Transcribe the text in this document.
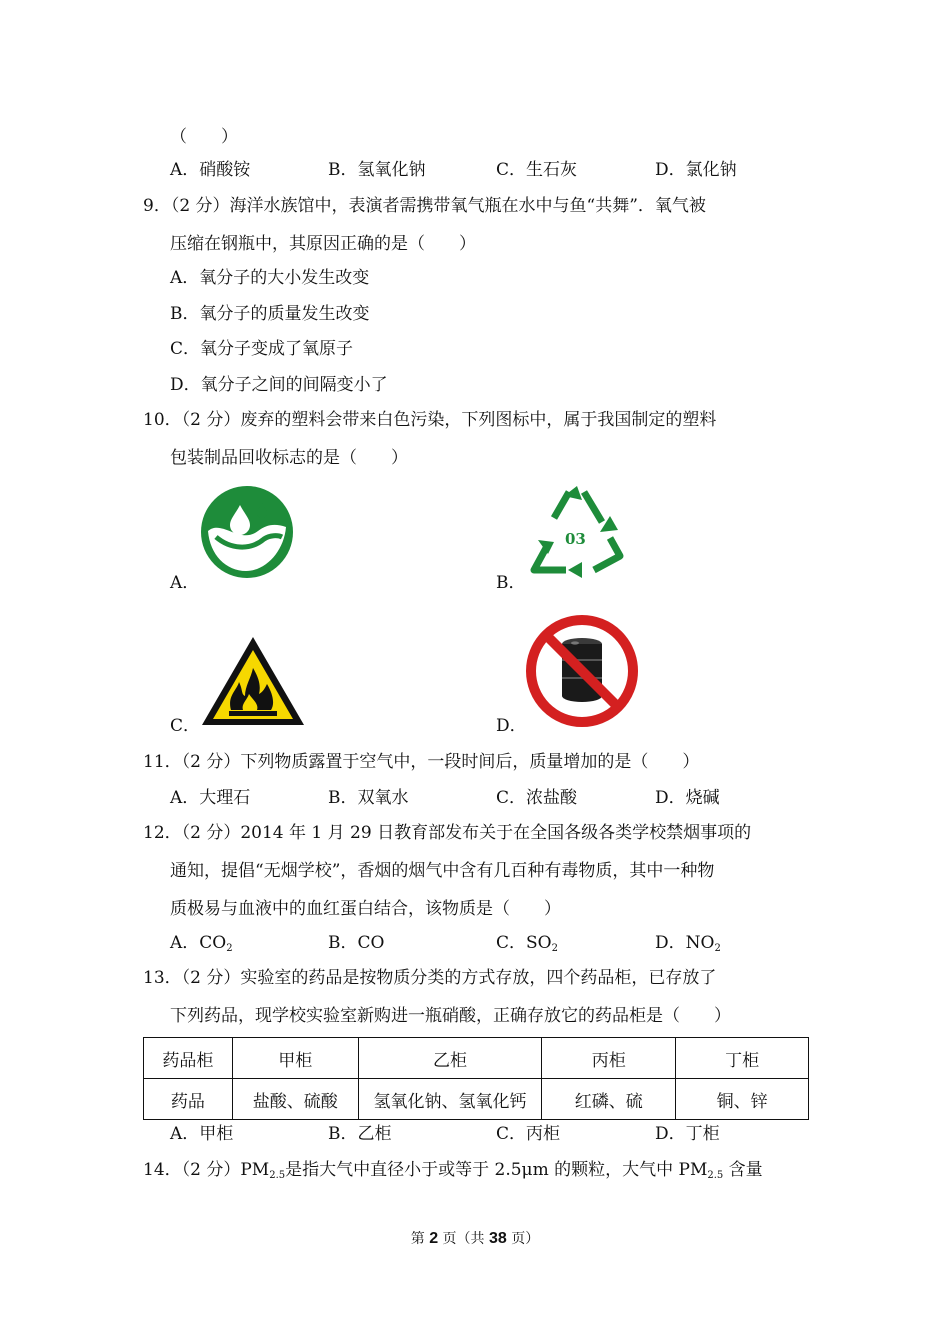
（　　）
A．硝酸铵	B．氢氧化钠	C．生石灰	D．氯化钠
9．（2 分）海洋水族馆中，表演者需携带氧气瓶在水中与鱼“共舞”．氧气被
压缩在钢瓶中，其原因正确的是（　　）
A．氧分子的大小发生改变
B．氧分子的质量发生改变
C．氧分子变成了氧原子
D．氧分子之间的间隔变小了
10．（2 分）废弃的塑料会带来白色污染，下列图标中，属于我国制定的塑料
包装制品回收标志的是（　　）
A．	B．
C．	D．
03
11．（2 分）下列物质露置于空气中，一段时间后，质量增加的是（　　）
A．大理石	B．双氧水	C．浓盐酸	D．烧碱
12．（2 分）2014 年 1 月 29 日教育部发布关于在全国各级各类学校禁烟事项的
通知，提倡“无烟学校”，香烟的烟气中含有几百种有毒物质，其中一种物
质极易与血液中的血红蛋白结合，该物质是（　　）
A．$CO_2$	B．CO	C．$SO_2$	D．$NO_2$
13．（2 分）实验室的药品是按物质分类的方式存放，四个药品柜，已存放了
下列药品，现学校实验室新购进一瓶硝酸，正确存放它的药品柜是（　　）
药品柜	甲柜	乙柜	丙柜	丁柜
药品	盐酸、硫酸	氢氧化钠、氢氧化钙	红磷、硫	铜、锌
A．甲柜	B．乙柜	C．丙柜	D．丁柜
14．（2 分）$PM_{2.5}$是指大气中直径小于或等于 2.5μm 的颗粒，大气中 $PM_{2.5}$ 含量
第 2 页（共 38 页）
